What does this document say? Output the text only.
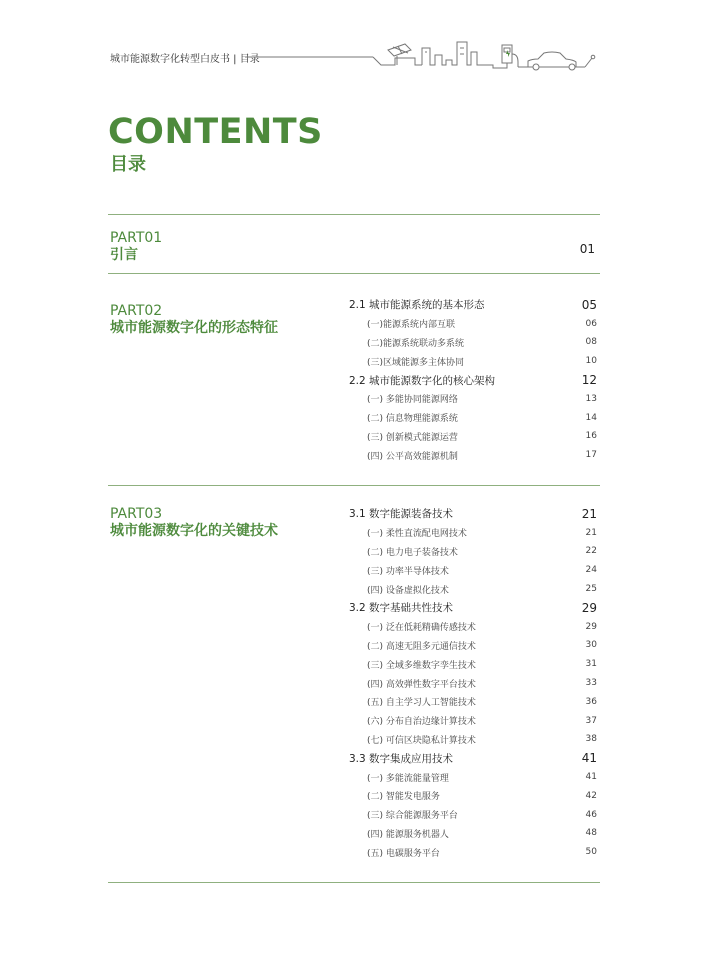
城市能源数字化转型白皮书 | 目录
CONTENTS
目录
PART01
引言	01
PART02
城市能源数字化的形态特征
2.1 城市能源系统的基本形态	05
(一)能源系统内部互联	06
(二)能源系统联动多系统	08
(三)区域能源多主体协同	10
2.2 城市能源数字化的核心架构	12
(一) 多能协同能源网络	13
(二) 信息物理能源系统	14
(三) 创新模式能源运营	16
(四) 公平高效能源机制	17
PART03
城市能源数字化的关键技术
3.1 数字能源装备技术	21
(一) 柔性直流配电网技术	21
(二) 电力电子装备技术	22
(三) 功率半导体技术	24
(四) 设备虚拟化技术	25
3.2 数字基础共性技术	29
(一) 泛在低耗精确传感技术	29
(二) 高速无阻多元通信技术	30
(三) 全域多维数字孪生技术	31
(四) 高效弹性数字平台技术	33
(五) 自主学习人工智能技术	36
(六) 分布自治边缘计算技术	37
(七) 可信区块隐私计算技术	38
3.3 数字集成应用技术	41
(一) 多能流能量管理	41
(二) 智能发电服务	42
(三) 综合能源服务平台	46
(四) 能源服务机器人	48
(五) 电碳服务平台	50
